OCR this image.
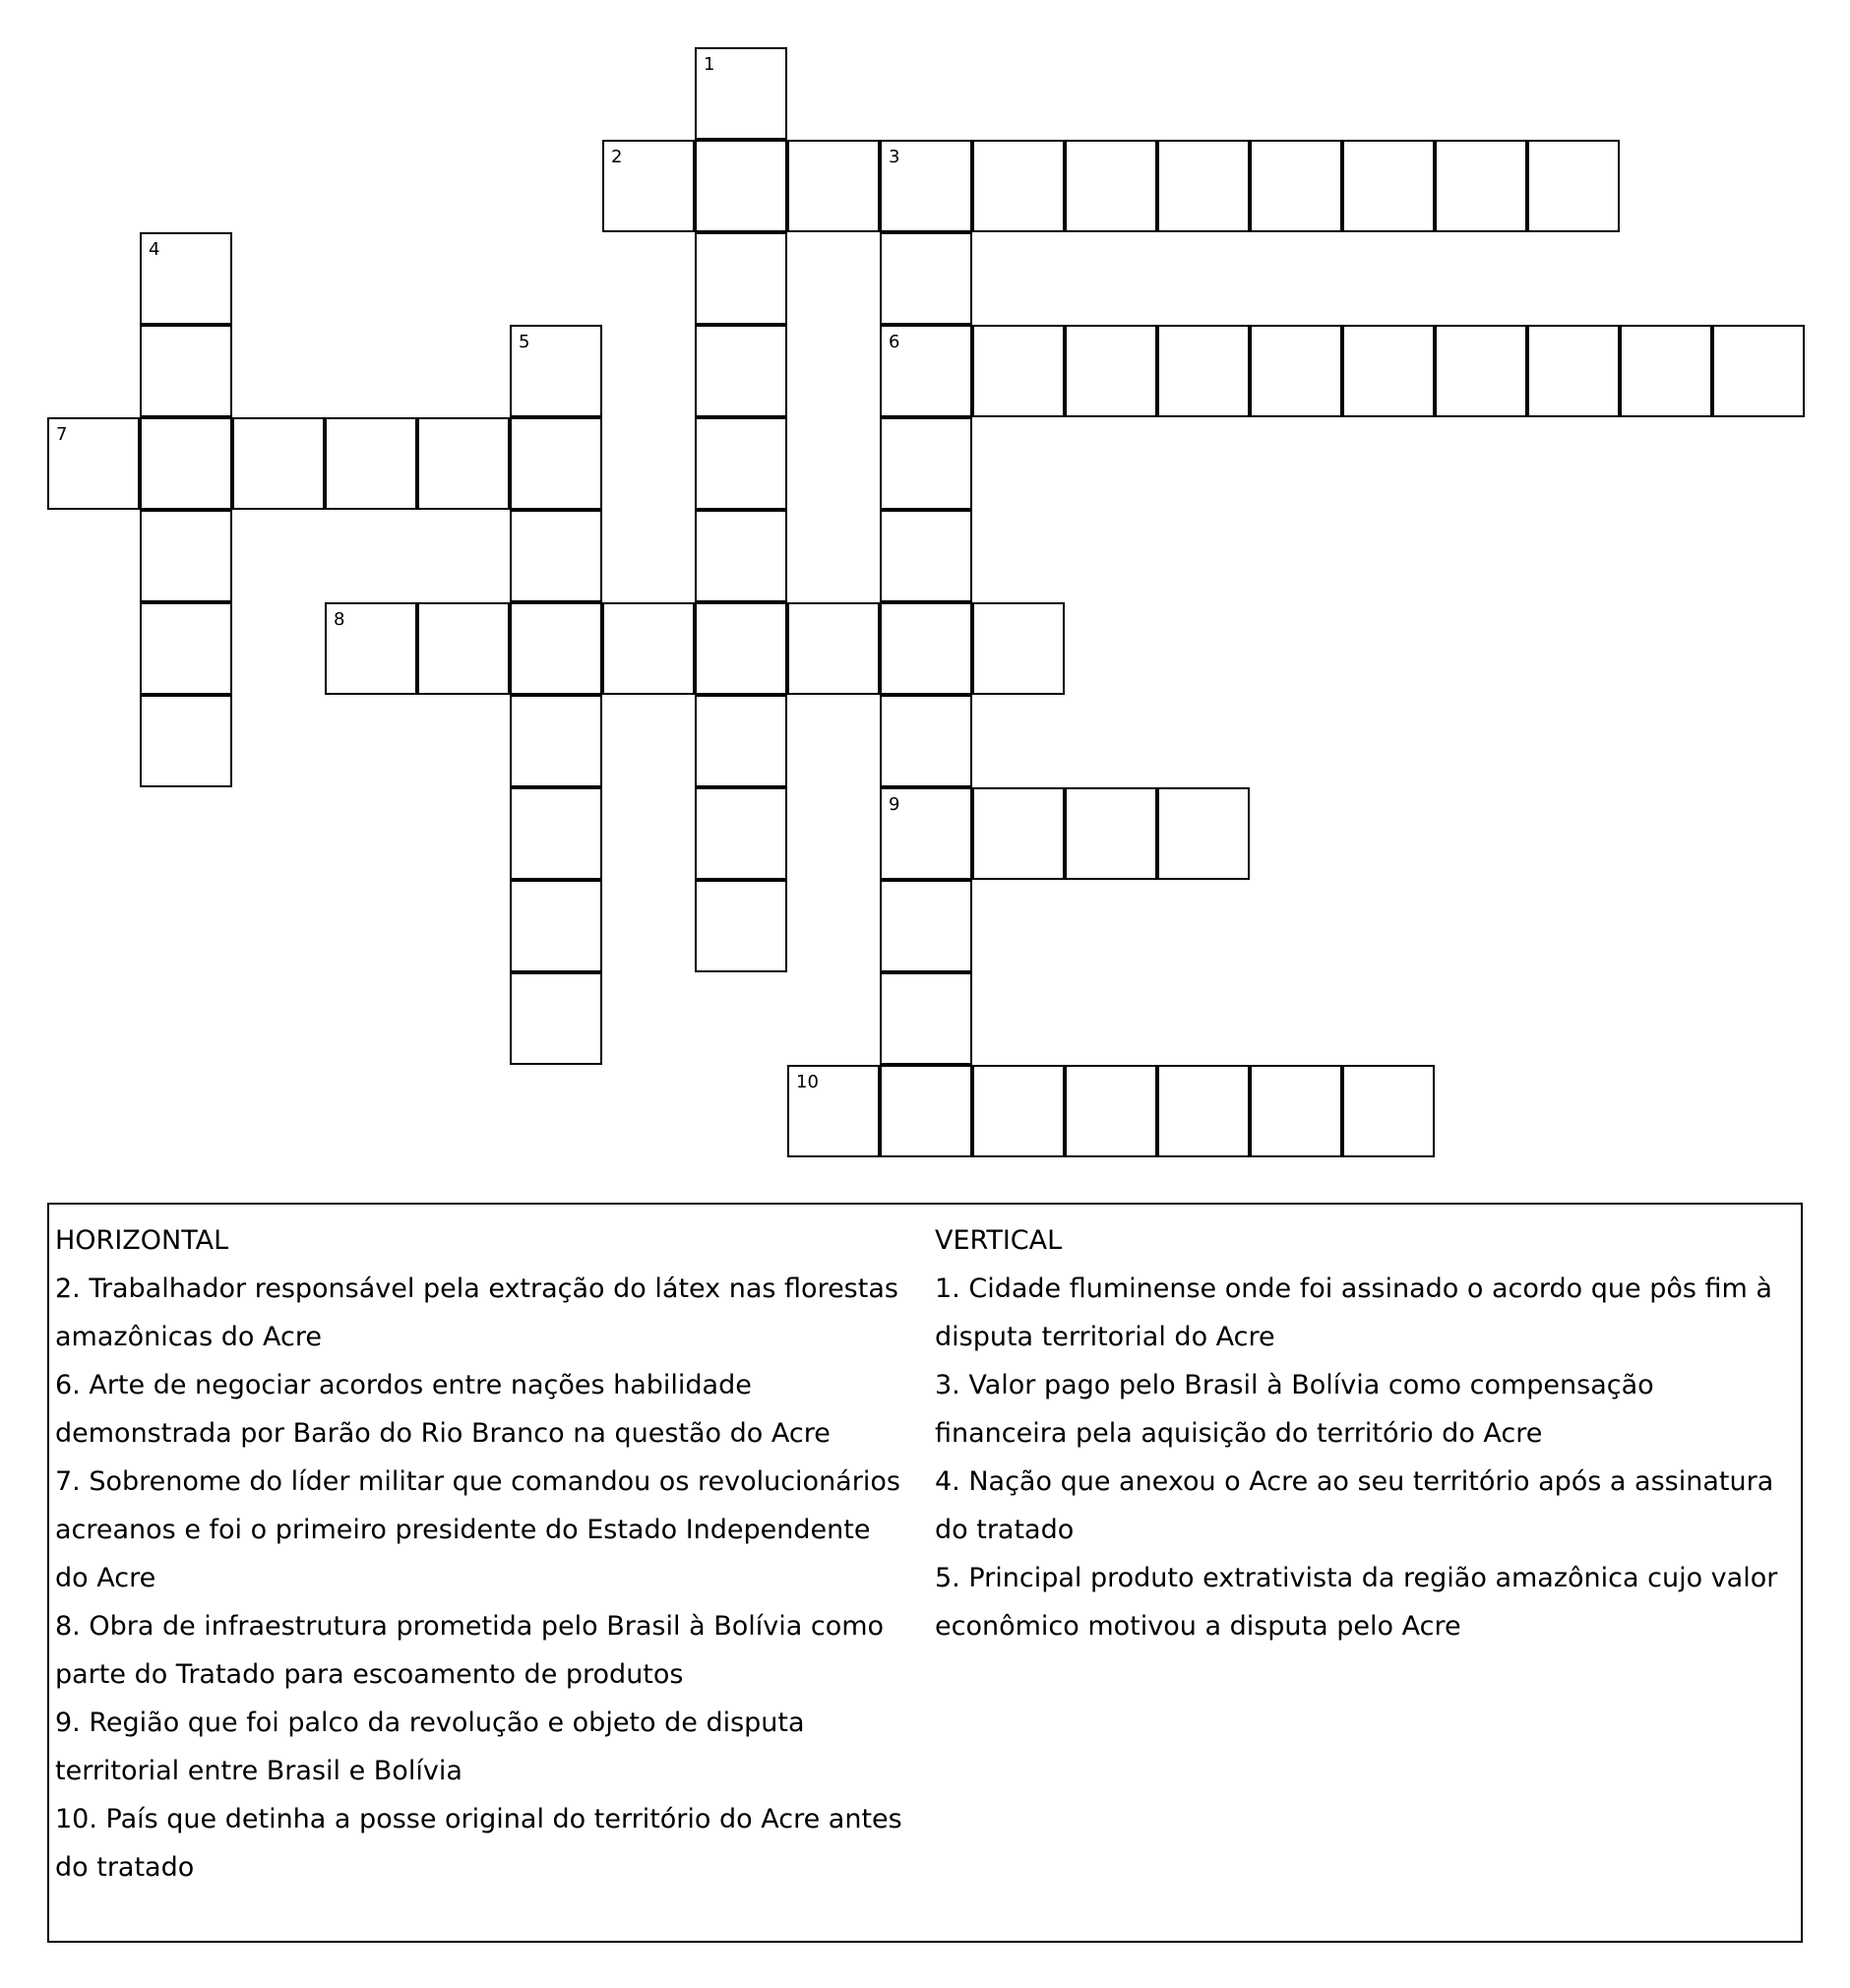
1
2	3
6
9
4
5
7
8
10
HORIZONTAL
2. Trabalhador responsável pela extração do látex nas florestas amazônicas do Acre
6. Arte de negociar acordos entre nações habilidade demonstrada por Barão do Rio Branco na questão do Acre
7. Sobrenome do líder militar que comandou os revolucionários acreanos e foi o primeiro presidente do Estado Independente do Acre
8. Obra de infraestrutura prometida pelo Brasil à Bolívia como parte do Tratado para escoamento de produtos
9. Região que foi palco da revolução e objeto de disputa territorial entre Brasil e Bolívia
10. País que detinha a posse original do território do Acre antes do tratado
VERTICAL
1. Cidade fluminense onde foi assinado o acordo que pôs fim à disputa territorial do Acre
3. Valor pago pelo Brasil à Bolívia como compensação financeira pela aquisição do território do Acre
4. Nação que anexou o Acre ao seu território após a assinatura do tratado
5. Principal produto extrativista da região amazônica cujo valor econômico motivou a disputa pelo Acre
